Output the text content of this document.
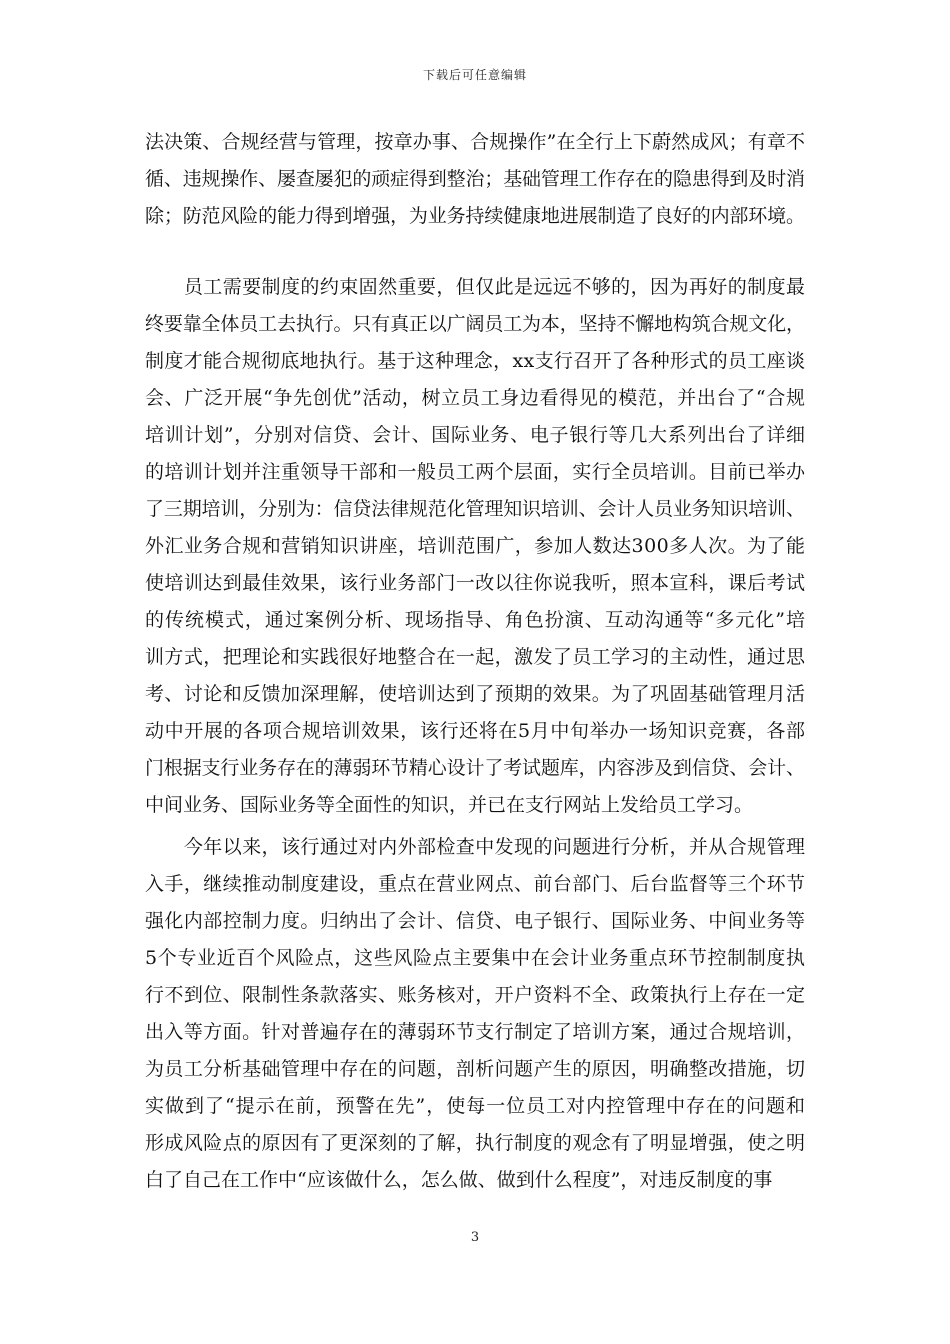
下载后可任意编辑
法决策、合规经营与管理，按章办事、合规操作”在全行上下蔚然成风；有章不
循、违规操作、屡查屡犯的顽症得到整治；基础管理工作存在的隐患得到及时消
除；防范风险的能力得到增强，为业务持续健康地进展制造了良好的内部环境。
　　员工需要制度的约束固然重要，但仅此是远远不够的，因为再好的制度最
终要靠全体员工去执行。只有真正以广阔员工为本，坚持不懈地构筑合规文化，
制度才能合规彻底地执行。基于这种理念，xx支行召开了各种形式的员工座谈
会、广泛开展“争先创优”活动，树立员工身边看得见的模范，并出台了“合规
培训计划”，分别对信贷、会计、国际业务、电子银行等几大系列出台了详细
的培训计划并注重领导干部和一般员工两个层面，实行全员培训。目前已举办
了三期培训，分别为：信贷法律规范化管理知识培训、会计人员业务知识培训、
外汇业务合规和营销知识讲座，培训范围广，参加人数达300多人次。为了能
使培训达到最佳效果，该行业务部门一改以往你说我听，照本宣科，课后考试
的传统模式，通过案例分析、现场指导、角色扮演、互动沟通等“多元化”培
训方式，把理论和实践很好地整合在一起，激发了员工学习的主动性，通过思
考、讨论和反馈加深理解，使培训达到了预期的效果。为了巩固基础管理月活
动中开展的各项合规培训效果，该行还将在5月中旬举办一场知识竞赛，各部
门根据支行业务存在的薄弱环节精心设计了考试题库，内容涉及到信贷、会计、
中间业务、国际业务等全面性的知识，并已在支行网站上发给员工学习。
　　今年以来，该行通过对内外部检查中发现的问题进行分析，并从合规管理
入手，继续推动制度建设，重点在营业网点、前台部门、后台监督等三个环节
强化内部控制力度。归纳出了会计、信贷、电子银行、国际业务、中间业务等
5个专业近百个风险点，这些风险点主要集中在会计业务重点环节控制制度执
行不到位、限制性条款落实、账务核对，开户资料不全、政策执行上存在一定
出入等方面。针对普遍存在的薄弱环节支行制定了培训方案，通过合规培训，
为员工分析基础管理中存在的问题，剖析问题产生的原因，明确整改措施，切
实做到了“提示在前，预警在先”，使每一位员工对内控管理中存在的问题和
形成风险点的原因有了更深刻的了解，执行制度的观念有了明显增强，使之明
白了自己在工作中“应该做什么，怎么做、做到什么程度”，对违反制度的事
3
